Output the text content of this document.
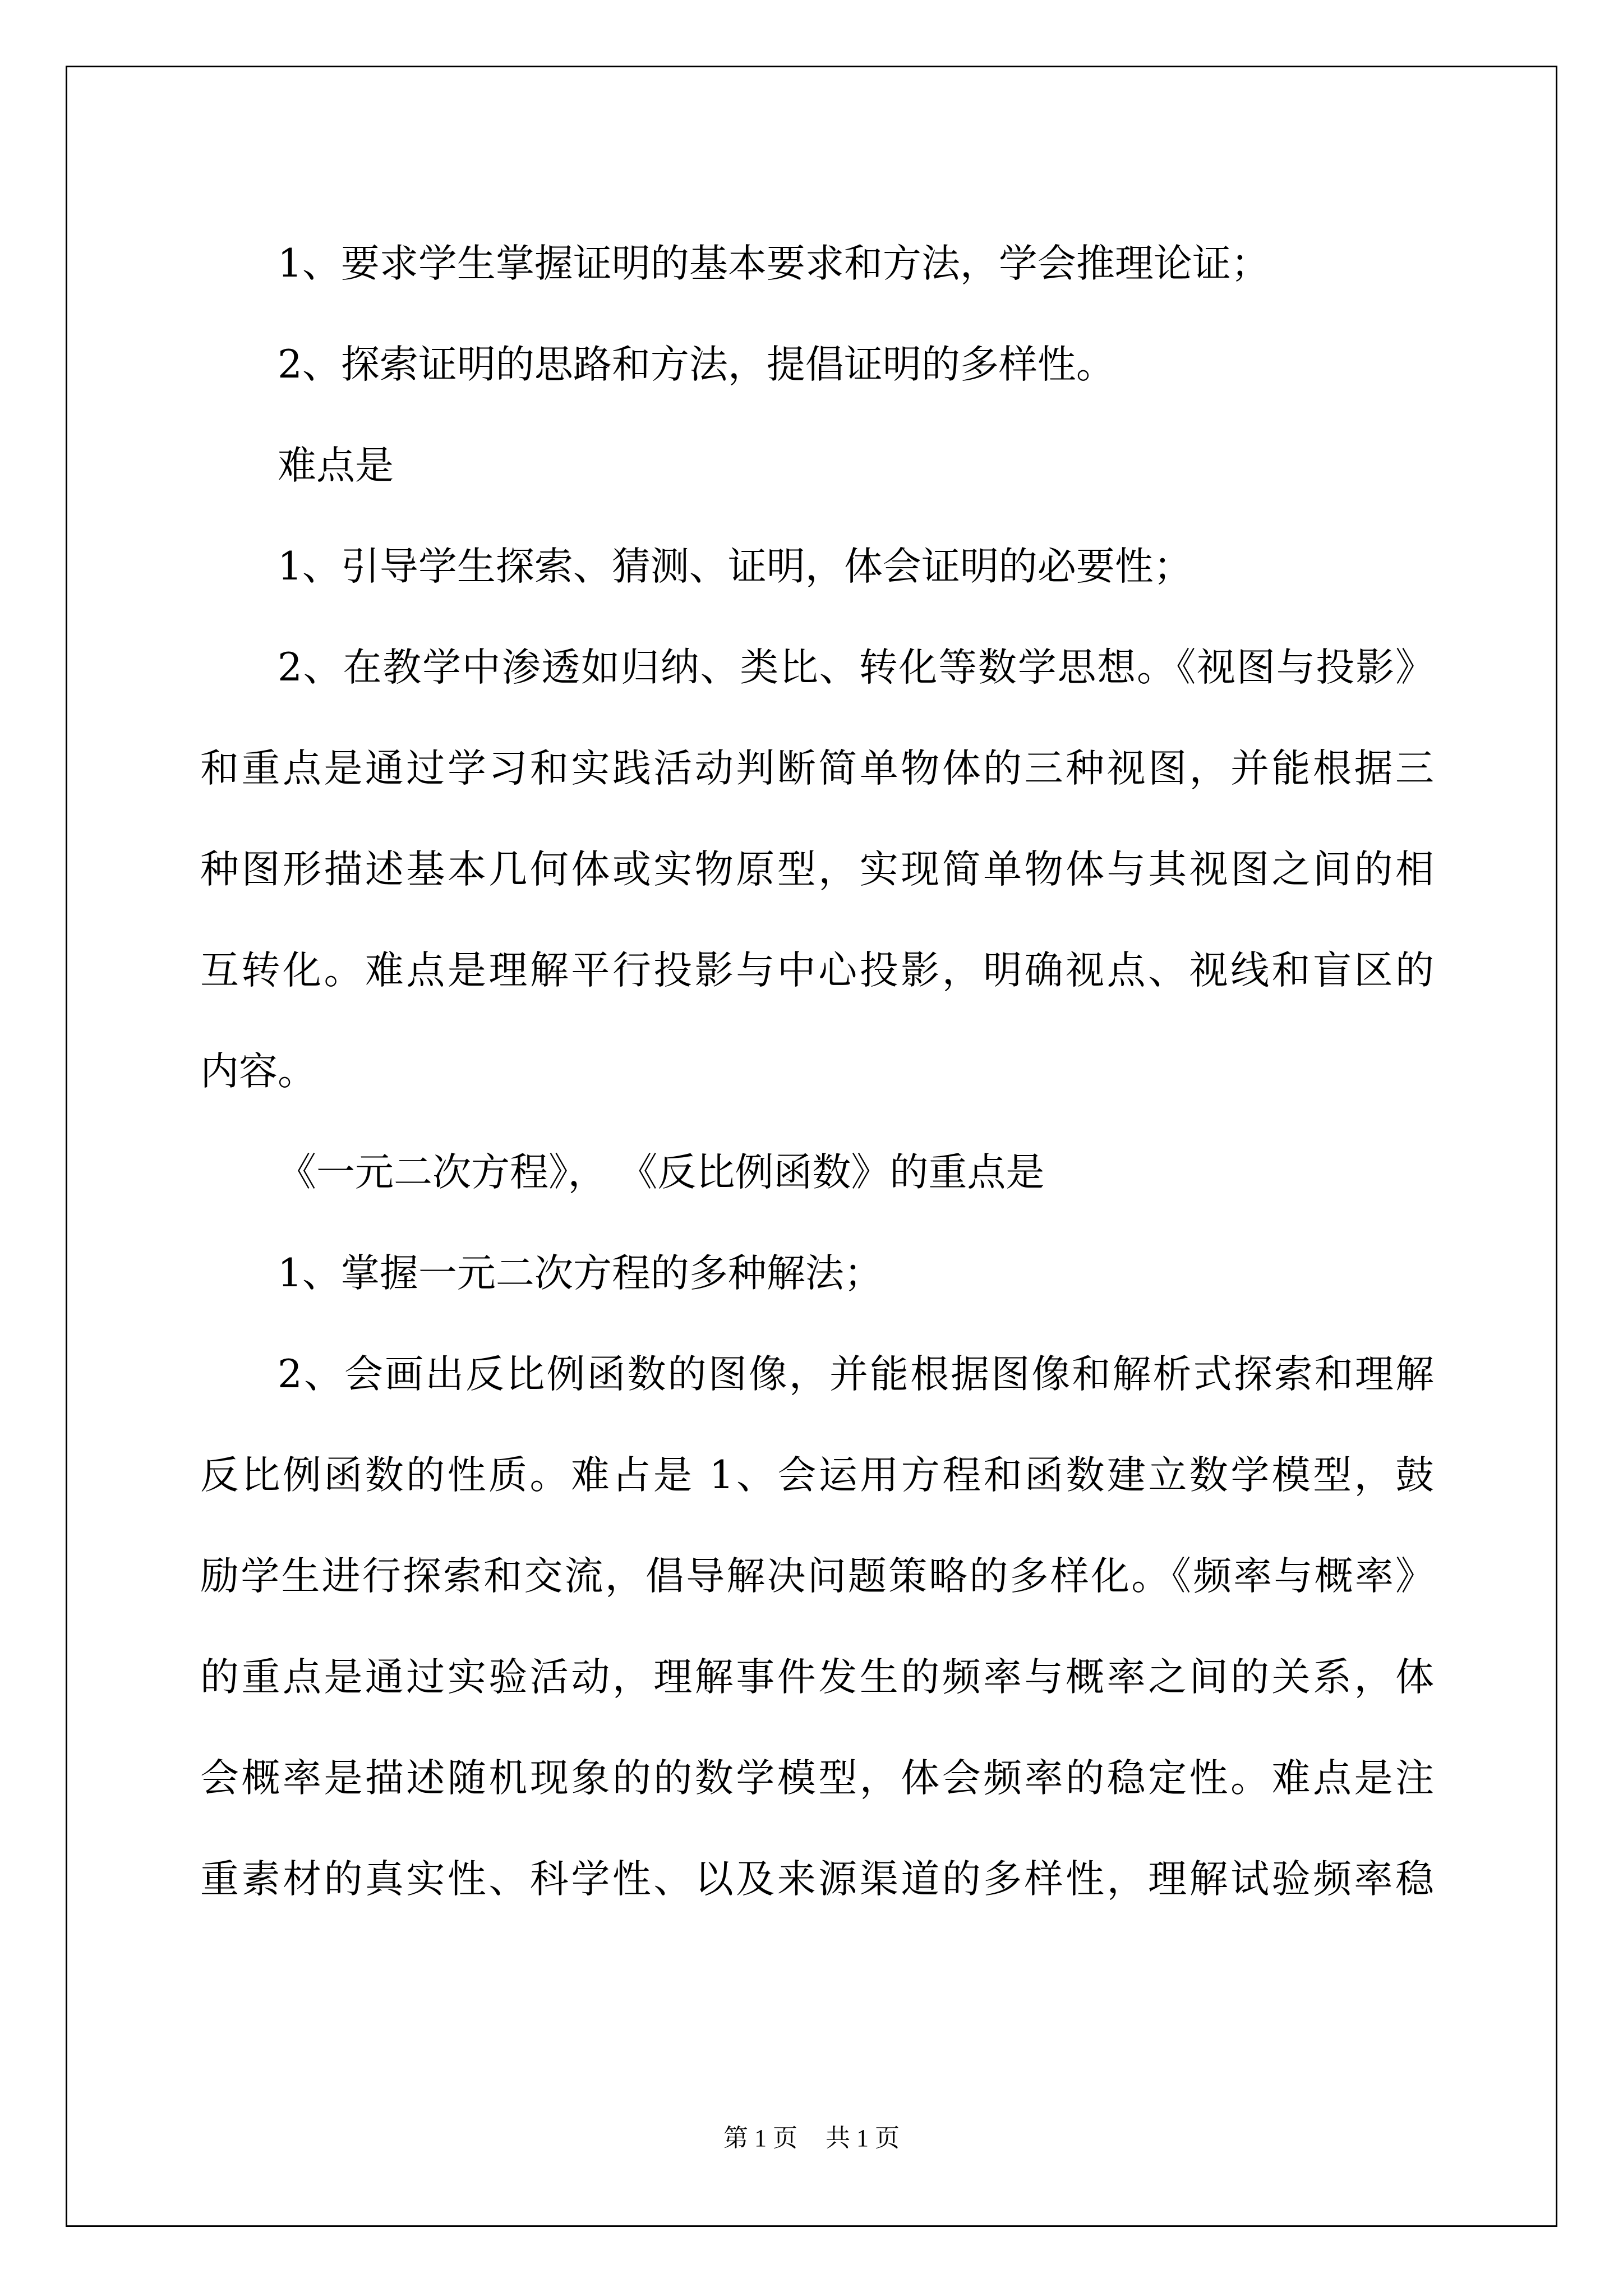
1、要求学生掌握证明的基本要求和方法，学会推理论证；

2、探索证明的思路和方法，提倡证明的多样性。

难点是

1、引导学生探索、猜测、证明，体会证明的必要性；

2、在教学中渗透如归纳、类比、转化等数学思想。《视图与投影》
和重点是通过学习和实践活动判断简单物体的三种视图，并能根据三
种图形描述基本几何体或实物原型，实现简单物体与其视图之间的相
互转化。难点是理解平行投影与中心投影，明确视点、视线和盲区的
内容。

《一元二次方程》， 《反比例函数》的重点是

1、掌握一元二次方程的多种解法；

2、会画出反比例函数的图像，并能根据图像和解析式探索和理解
反比例函数的性质。难占是 1、会运用方程和函数建立数学模型，鼓
励学生进行探索和交流，倡导解决问题策略的多样化。《频率与概率》
的重点是通过实验活动，理解事件发生的频率与概率之间的关系，体
会概率是描述随机现象的的数学模型，体会频率的稳定性。难点是注
重素材的真实性、科学性、以及来源渠道的多样性，理解试验频率稳

第 1 页 共 1 页
